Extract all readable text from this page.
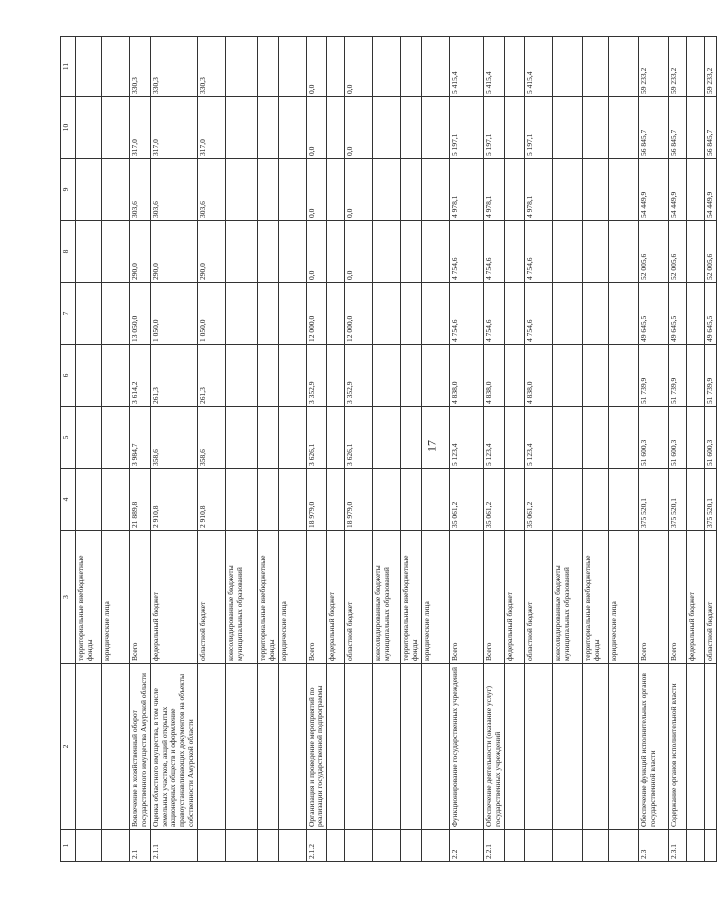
17
1	2	3	4	5	6	7	8	9	10	11
		территориальные внебюджетные фонды								
		юридические лица								
2.1	Вовлечение в хозяйственный оборот государственного имущества Амурской области	Всего	21 889,8	3 984,7	3 614,2	13 050,0	290,0	303,6	317,0	330,3
2.1.1	Оценка областного имущества, в том числе земельных участков, акций открытых акционерных обществ и оформление правоустанавливающих документов на объекты собственности Амурской области	федеральный бюджет	2 910,8	358,6	261,3	1 050,0	290,0	303,6	317,0	330,3
		областной бюджет	2 910,8	358,6	261,3	1 050,0	290,0	303,6	317,0	330,3
		консолидированные бюджеты муниципальных образований								
		территориальные внебюджетные фонды								
		юридические лица								
2.1.2	Организация и проведение мероприятий по реализации государственной подпрограммы	Всего	18 979,0	3 626,1	3 352,9	12 000,0	0,0	0,0	0,0	0,0
		федеральный бюджет								
		областной бюджет	18 979,0	3 626,1	3 352,9	12 000,0	0,0	0,0	0,0	0,0
		консолидированные бюджеты муниципальных образований								
		территориальные внебюджетные фонды								
		юридические лица								
2.2	Функционирование государственных учреждений	Всего	35 061,2	5 123,4	4 838,0	4 754,6	4 754,6	4 978,1	5 197,1	5 415,4
2.2.1	Обеспечение деятельности (оказание услуг) государственных учреждений	Всего	35 061,2	5 123,4	4 838,0	4 754,6	4 754,6	4 978,1	5 197,1	5 415,4
		федеральный бюджет								
		областной бюджет	35 061,2	5 123,4	4 838,0	4 754,6	4 754,6	4 978,1	5 197,1	5 415,4
		консолидированные бюджеты муниципальных образований								
		территориальные внебюджетные фонды								
		юридические лица								
2.3	Обеспечение функций исполнительных органов государственной власти	Всего	375 520,1	51 600,3	51 739,9	49 645,5	52 005,6	54 449,9	56 845,7	59 233,2
2.3.1	Содержание органов исполнительной власти	Всего	375 520,1	51 600,3	51 739,9	49 645,5	52 005,6	54 449,9	56 845,7	59 233,2
		федеральный бюджет								
		областной бюджет	375 520,1	51 600,3	51 739,9	49 645,5	52 005,6	54 449,9	56 845,7	59 233,2
